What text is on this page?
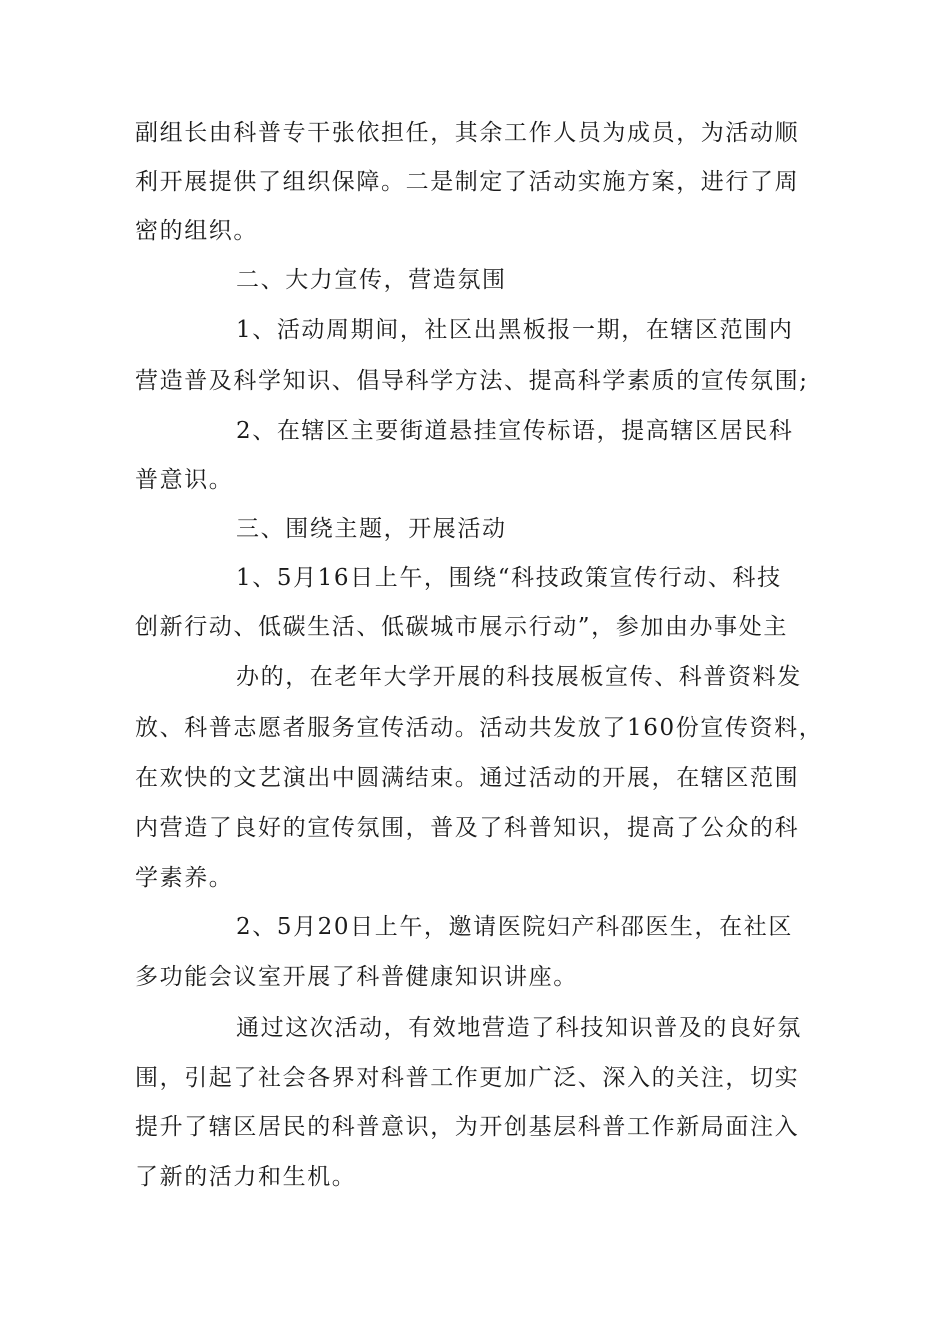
副组长由科普专干张依担任，其余工作人员为成员，为活动顺
利开展提供了组织保障。二是制定了活动实施方案，进行了周
密的组织。
二、大力宣传，营造氛围
1、活动周期间，社区出黑板报一期，在辖区范围内
营造普及科学知识、倡导科学方法、提高科学素质的宣传氛围;
2、在辖区主要街道悬挂宣传标语，提高辖区居民科
普意识。
三、围绕主题，开展活动
1、5月16日上午，围绕“科技政策宣传行动、科技
创新行动、低碳生活、低碳城市展示行动”，参加由办事处主
办的，在老年大学开展的科技展板宣传、科普资料发
放、科普志愿者服务宣传活动。活动共发放了160份宣传资料，
在欢快的文艺演出中圆满结束。通过活动的开展，在辖区范围
内营造了良好的宣传氛围，普及了科普知识，提高了公众的科
学素养。
2、5月20日上午，邀请医院妇产科邵医生，在社区
多功能会议室开展了科普健康知识讲座。
通过这次活动，有效地营造了科技知识普及的良好氛
围，引起了社会各界对科普工作更加广泛、深入的关注，切实
提升了辖区居民的科普意识，为开创基层科普工作新局面注入
了新的活力和生机。
